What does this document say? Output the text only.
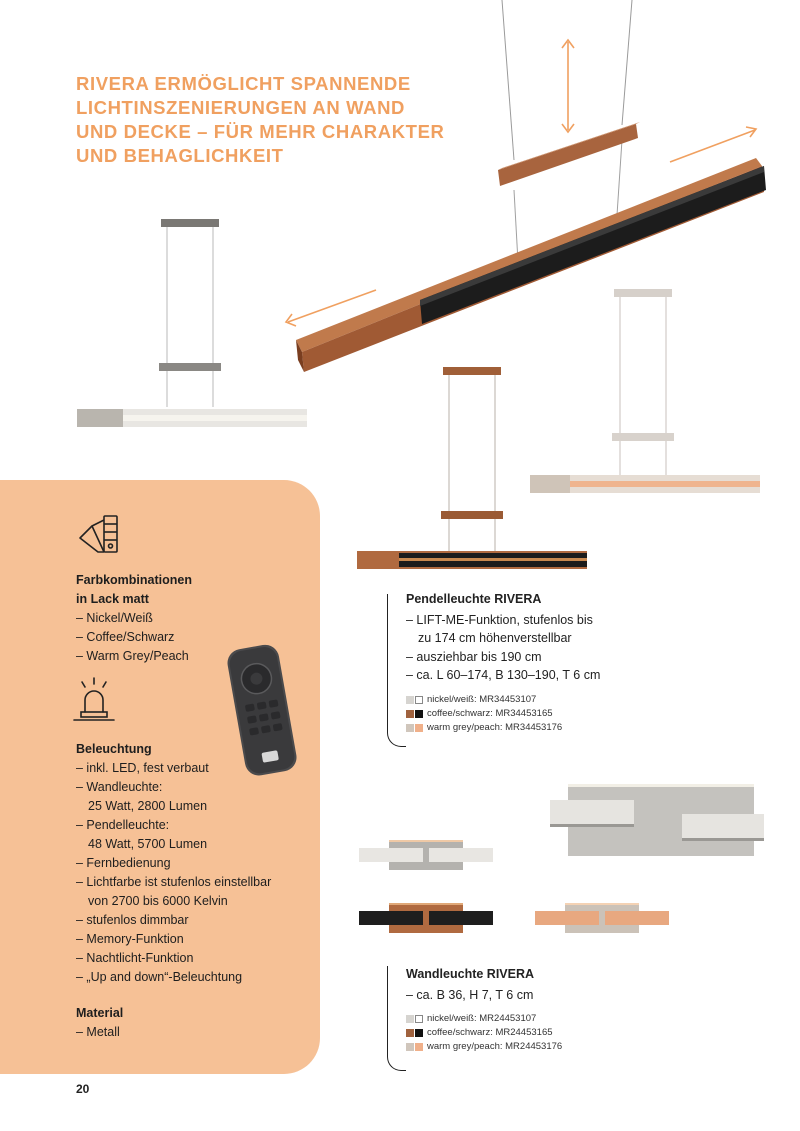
RIVERA ERMÖGLICHT SPANNENDE
LICHTINSZENIERUNGEN AN WAND
UND DECKE – FÜR MEHR CHARAKTER
UND BEHAGLICHKEIT
Farbkombinationen
in Lack matt
– Nickel/Weiß
– Coffee/Schwarz
– Warm Grey/Peach
Beleuchtung
– inkl. LED, fest verbaut
– Wandleuchte:
25 Watt, 2800 Lumen
– Pendelleuchte:
48 Watt, 5700 Lumen
– Fernbedienung
– Lichtfarbe ist stufenlos einstellbar
von 2700 bis 6000 Kelvin
– stufenlos dimmbar
– Memory-Funktion
– Nachtlicht-Funktion
– „Up and down“-Beleuchtung
Material
– Metall
Pendelleuchte RIVERA
– LIFT-ME-Funktion, stufenlos bis
zu 174 cm höhenverstellbar
– ausziehbar bis 190 cm
– ca. L 60–174, B 130–190, T 6 cm
nickel/weiß: MR34453107
coffee/schwarz: MR34453165
warm grey/peach: MR34453176
Wandleuchte RIVERA
– ca. B 36, H 7, T 6 cm
nickel/weiß: MR24453107
coffee/schwarz: MR24453165
warm grey/peach: MR24453176
20
